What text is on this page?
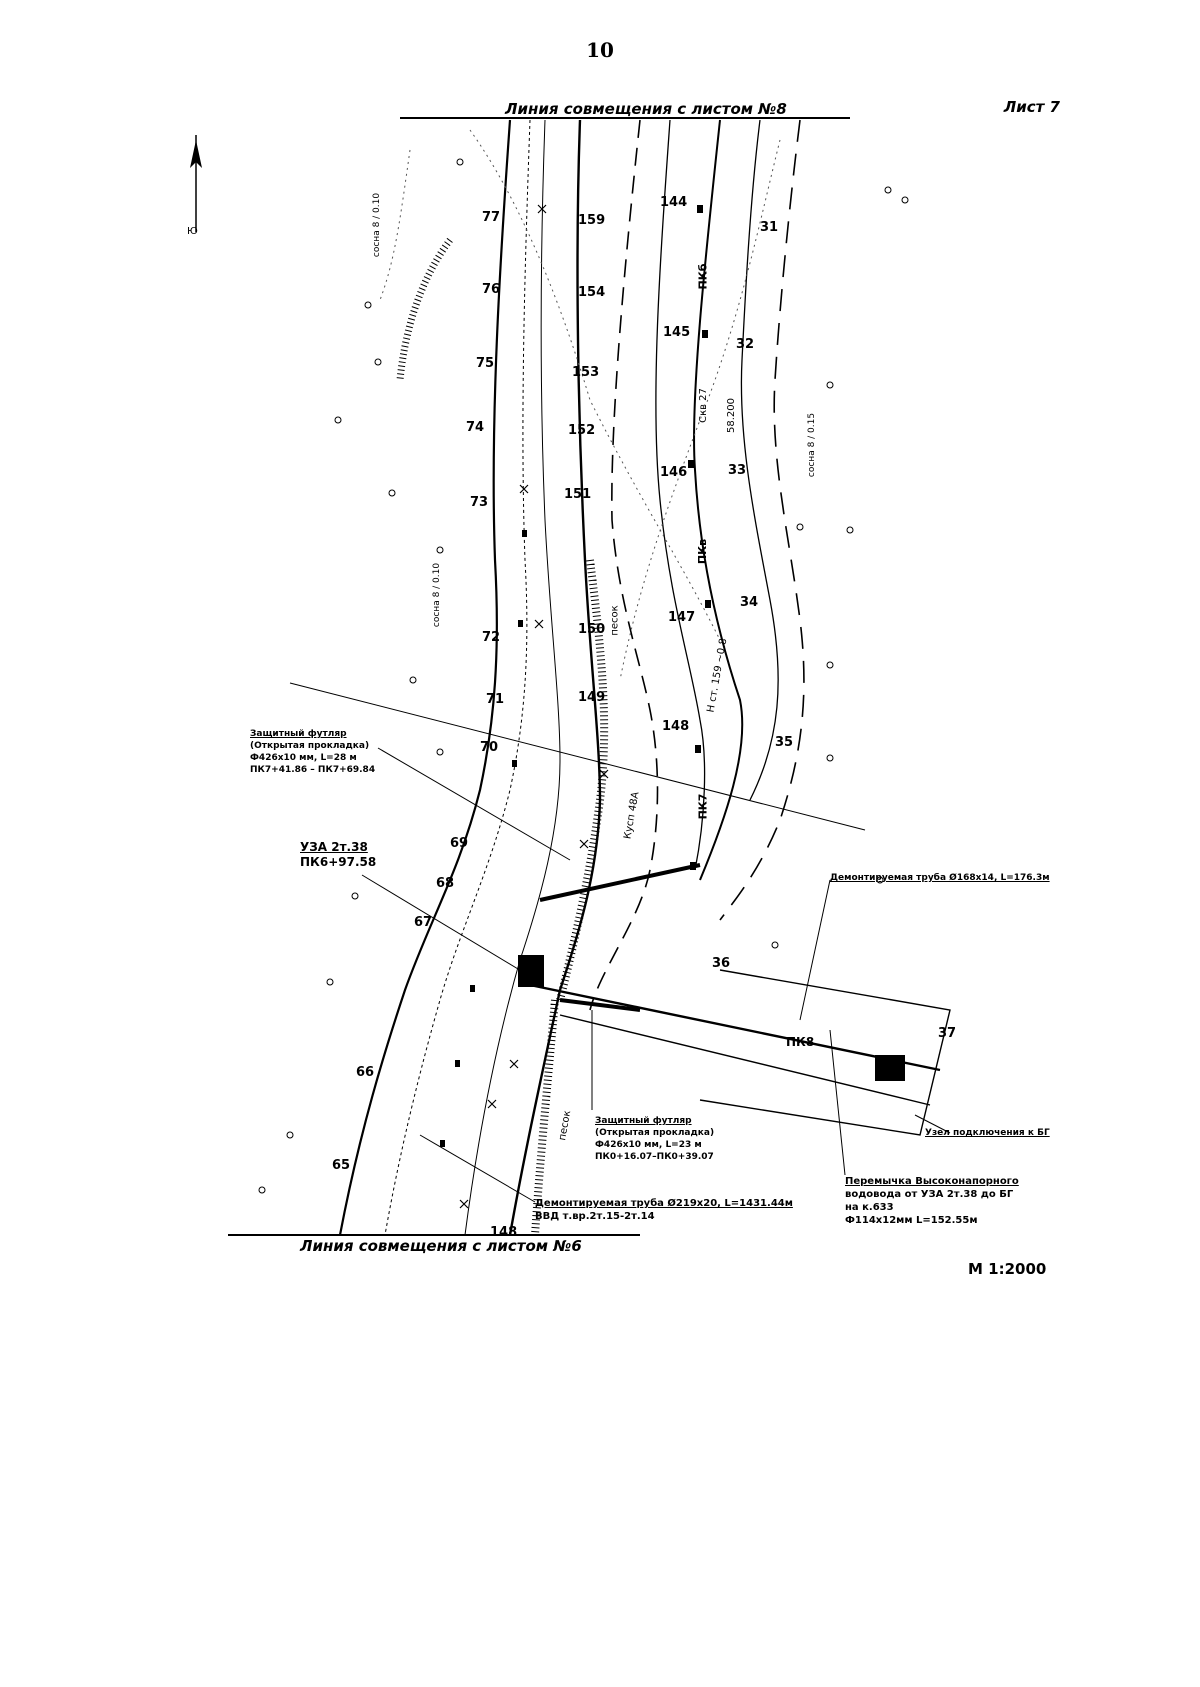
10
Лист 7
Линия совмещения с листом №8
77
76
75
74
73
72
71
70
69
68
67
66
65
159
154
153
152
151
150
149
148
144
145
146
147
148
31
32
33
34
35
36
37
песок
песок
сосна 8 / 0.10
сосна 8 / 0.15
сосна 8 / 0.10
ПКб
ПКв
ПК7
ПК8
Кусп 48А
Скв 27 58.200
Н ст. 159 ~0.8
Защитный футляр
(Открытая прокладка)
Ф426x10 мм, L=28 м
ПК7+41.86 – ПК7+69.84
УЗА 2т.38
ПК6+97.58
Демонтируемая труба Ø168x14, L=176.3м
Защитный футляр
(Открытая прокладка)
Ф426x10 мм, L=23 м
ПК0+16.07–ПК0+39.07
Узел подключения к БГ
Перемычка Высоконапорного
водовода от УЗА 2т.38 до БГ
на к.633
Ф114x12мм L=152.55м
Демонтируемая труба Ø219x20, L=1431.44м
ВВД т.вр.2т.15-2т.14
Линия совмещения с листом №6
М 1:2000
Ю
